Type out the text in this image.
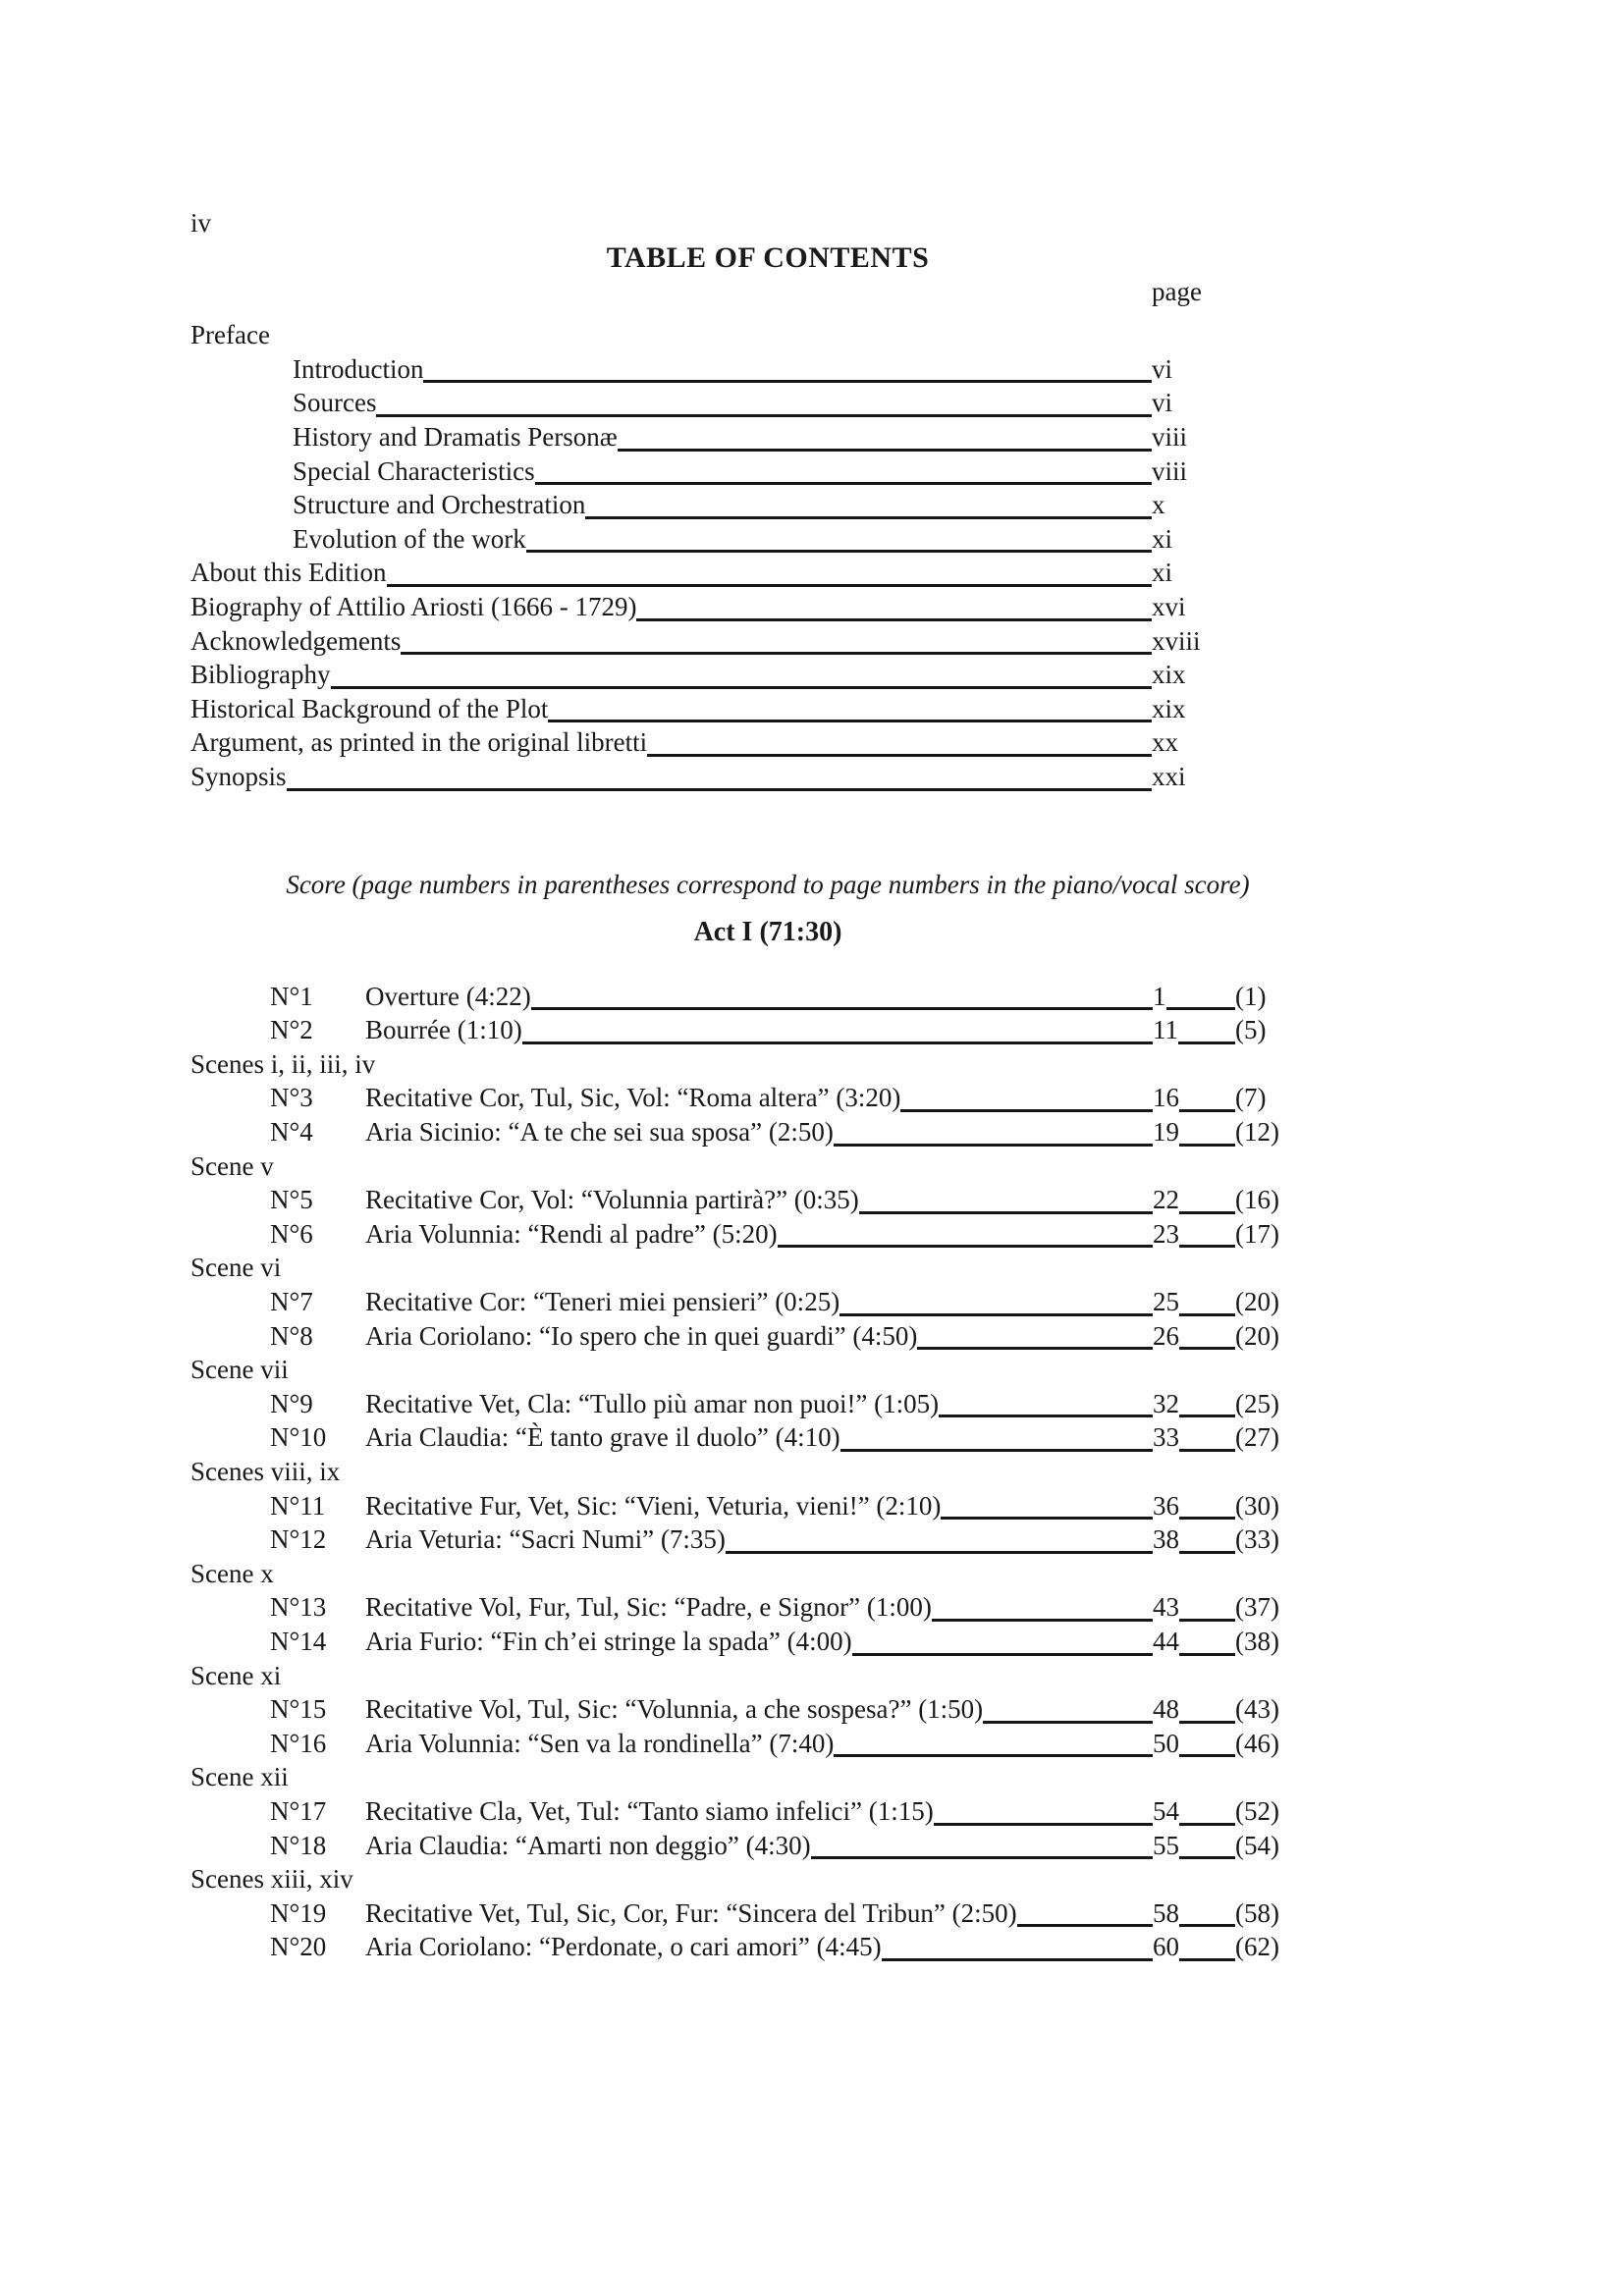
iv
TABLE OF CONTENTS
page
Preface
Introduction	vi
Sources	vi
History and Dramatis Personæ	viii
Special Characteristics	viii
Structure and Orchestration	x
Evolution of the work	xi
About this Edition	xi
Biography of Attilio Ariosti (1666 - 1729)	xvi
Acknowledgements	xviii
Bibliography	xix
Historical Background of the Plot	xix
Argument, as printed in the original libretti	xx
Synopsis	xxi

Score (page numbers in parentheses correspond to page numbers in the piano/vocal score)

Act I (71:30)
N°1	Overture (4:22)	1	(1)
N°2	Bourrée (1:10)	11 (5)
Scenes i, ii, iii, iv
N°3	Recitative Cor, Tul, Sic, Vol: “Roma altera” (3:20)	16 (7)
N°4	Aria Sicinio: “A te che sei sua sposa” (2:50)	19 (12)
Scene v
N°5	Recitative Cor, Vol: “Volunnia partirà?” (0:35)	22 (16)
N°6	Aria Volunnia: “Rendi al padre” (5:20)	23 (17)
Scene vi
N°7	Recitative Cor: “Teneri miei pensieri” (0:25)	25 (20)
N°8	Aria Coriolano: “Io spero che in quei guardi” (4:50)	26 (20)
Scene vii
N°9	Recitative Vet, Cla: “Tullo più amar non puoi!” (1:05)	32 (25)
N°10	Aria Claudia: “È tanto grave il duolo” (4:10)	33 (27)
Scenes viii, ix
N°11	Recitative Fur, Vet, Sic: “Vieni, Veturia, vieni!” (2:10)	36 (30)
N°12	Aria Veturia: “Sacri Numi” (7:35)	38 (33)
Scene x
N°13	Recitative Vol, Fur, Tul, Sic: “Padre, e Signor” (1:00)	43 (37)
N°14	Aria Furio: “Fin ch’ei stringe la spada” (4:00)	44 (38)
Scene xi
N°15	Recitative Vol, Tul, Sic: “Volunnia, a che sospesa?” (1:50)	48 (43)
N°16	Aria Volunnia: “Sen va la rondinella” (7:40)	50 (46)
Scene xii
N°17	Recitative Cla, Vet, Tul: “Tanto siamo infelici” (1:15)	54 (52)
N°18	Aria Claudia: “Amarti non deggio” (4:30)	55 (54)
Scenes xiii, xiv
N°19	Recitative Vet, Tul, Sic, Cor, Fur: “Sincera del Tribun” (2:50)	58 (58)
N°20	Aria Coriolano: “Perdonate, o cari amori” (4:45)	60 (62)
